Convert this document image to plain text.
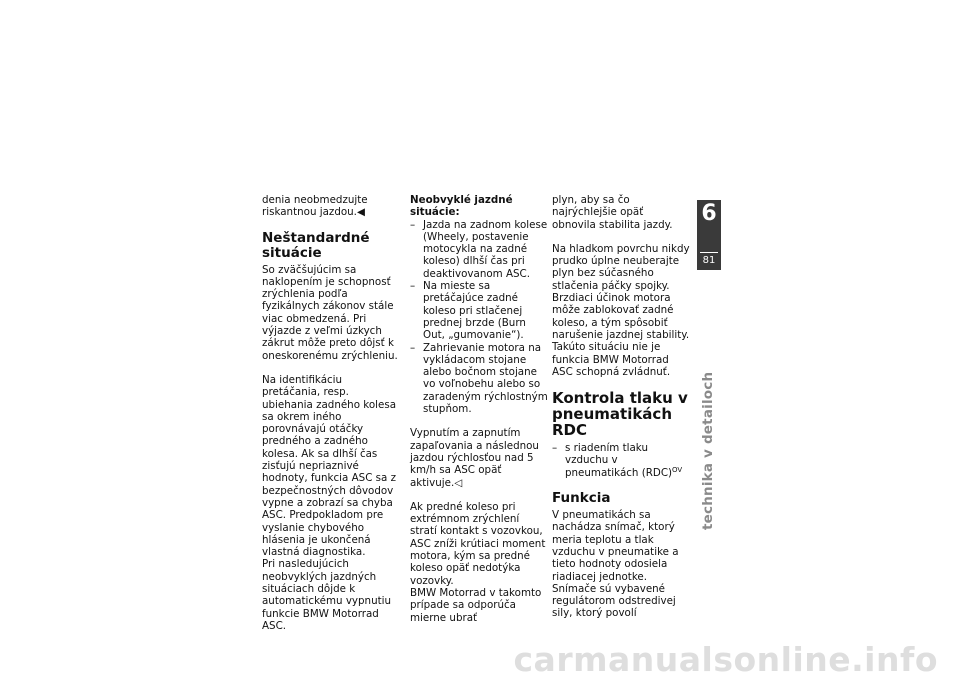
denia neobmedzujte riskantnou jazdou.◀

Neštandardné situácie

So zväčšujúcim sa naklopením je schopnosť zrýchlenia podľa fyzikálnych zákonov stále viac obmedzená. Pri výjazde z veľmi úzkych zákrut môže preto dôjsť k oneskorenému zrýchleniu.

Na identifikáciu pretáčania, resp. ubiehania zadného kolesa sa okrem iného porovnávajú otáčky predného a zadného kolesa. Ak sa dlhší čas zisťujú nepriaznivé hodnoty, funkcia ASC sa z bezpečnostných dôvodov vypne a zobrazí sa chyba ASC. Predpokladom pre vyslanie chybového hlásenia je ukončená vlastná diagnostika.

Pri nasledujúcich neobvyklých jazdných situáciach dôjde k automatickému vypnutiu funkcie BMW Motorrad ASC.

Neobvyklé jazdné situácie:
– Jazda na zadnom kolese (Wheely, postavenie motocykla na zadné koleso) dlhší čas pri deaktivovanom ASC.
– Na mieste sa pretáčajúce zadné koleso pri stlačenej prednej brzde (Burn Out, „gumovanie“).
– Zahrievanie motora na vykládacom stojane alebo bočnom stojane vo voľnobehu alebo so zaradeným rýchlostným stupňom.

Vypnutím a zapnutím zapaľovania a následnou jazdou rýchlosťou nad 5 km/h sa ASC opäť aktivuje.◁

Ak predné koleso pri extrémnom zrýchlení stratí kontakt s vozovkou, ASC zníži krútiaci moment motora, kým sa predné koleso opäť nedotýka vozovky.

BMW Motorrad v takomto prípade sa odporúča mierne ubrať

plyn, aby sa čo najrýchlejšie opäť obnovila stabilita jazdy.

Na hladkom povrchu nikdy prudko úplne neuberajte plyn bez súčasného stlačenia páčky spojky. Brzdiaci účinok motora môže zablokovať zadné koleso, a tým spôsobiť narušenie jazdnej stability. Takúto situáciu nie je funkcia BMW Motorrad ASC schopná zvládnuť.

Kontrola tlaku v pneumatikách RDC
– s riadením tlaku vzduchu v pneumatikách (RDC)$^{OV}$
Funkcia

V pneumatikách sa nachádza snímač, ktorý meria teplotu a tlak vzduchu v pneumatike a tieto hodnoty odosiela riadiacej jednotke.

Snímače sú vybavené regulátorom odstredivej sily, ktorý povolí

6
81
technika v detailoch
carmanualsonline.info
